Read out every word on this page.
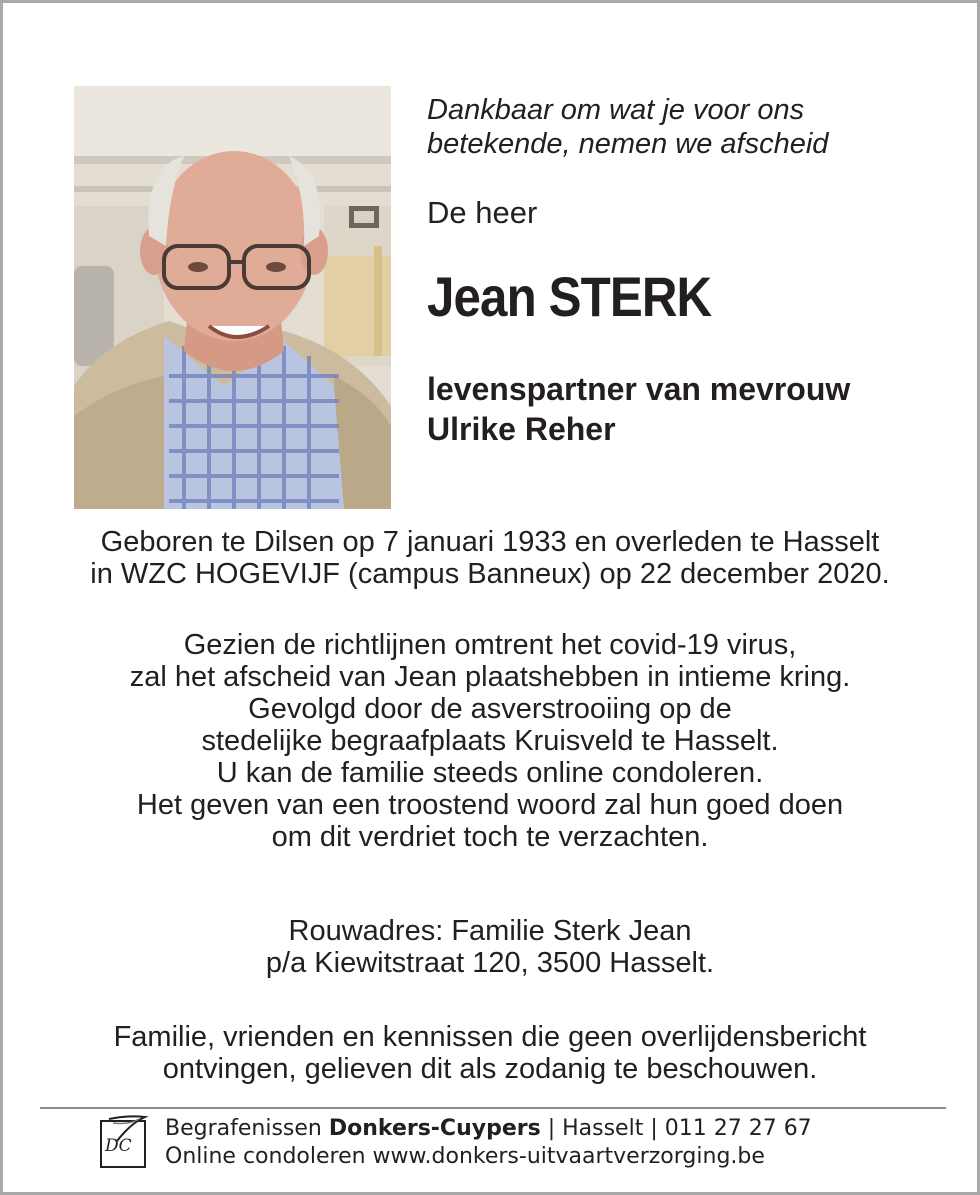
Dankbaar om wat je voor ons
betekende, nemen we afscheid
De heer
Jean STERK
levenspartner van mevrouw
Ulrike Reher
Geboren te Dilsen op 7 januari 1933 en overleden te Hasselt
in WZC HOGEVIJF (campus Banneux) op 22 december 2020.
Gezien de richtlijnen omtrent het covid-19 virus,
zal het afscheid van Jean plaatshebben in intieme kring.
Gevolgd door de asverstrooiing op de
stedelijke begraafplaats Kruisveld te Hasselt.
U kan de familie steeds online condoleren.
Het geven van een troostend woord zal hun goed doen
om dit verdriet toch te verzachten.
Rouwadres: Familie Sterk Jean
p/a Kiewitstraat 120, 3500 Hasselt.
Familie, vrienden en kennissen die geen overlijdensbericht
ontvingen, gelieven dit als zodanig te beschouwen.
DC
Begrafenissen Donkers-Cuypers | Hasselt | 011 27 27 67
Online condoleren www.donkers-uitvaartverzorging.be
